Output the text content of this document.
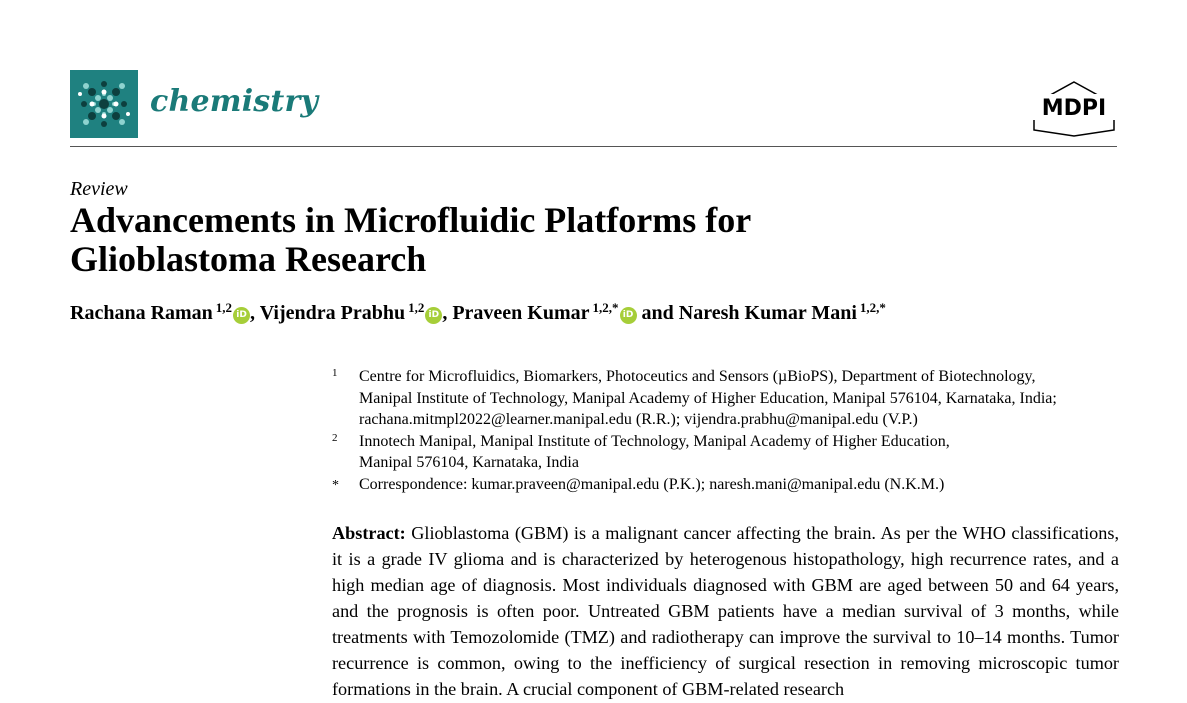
chemistry	MDPI
Review
Advancements in Microfluidic Platforms for
Glioblastoma Research
Rachana Raman $^{1,2}$ iD , Vijendra Prabhu $^{1,2}$ iD , Praveen Kumar $^{1,2,*}$ iD and Naresh Kumar Mani $^{1,2,*}$
1 Centre for Microfluidics, Biomarkers, Photoceutics and Sensors (µBioPS), Department of Biotechnology,
Manipal Institute of Technology, Manipal Academy of Higher Education, Manipal 576104, Karnataka, India;
rachana.mitmpl2022@learner.manipal.edu (R.R.); vijendra.prabhu@manipal.edu (V.P.)
2 Innotech Manipal, Manipal Institute of Technology, Manipal Academy of Higher Education,
Manipal 576104, Karnataka, India
* Correspondence: kumar.praveen@manipal.edu (P.K.); naresh.mani@manipal.edu (N.K.M.)

Abstract: Glioblastoma (GBM) is a malignant cancer affecting the brain. As per the WHO classifications, it is a grade IV glioma and is characterized by heterogenous histopathology, high recurrence rates, and a high median age of diagnosis. Most individuals diagnosed with GBM are aged between 50 and 64 years, and the prognosis is often poor. Untreated GBM patients have a median survival of 3 months, while treatments with Temozolomide (TMZ) and radiotherapy can improve the survival to 10–14 months. Tumor recurrence is common, owing to the inefficiency of surgical resection in removing microscopic tumor formations in the brain. A crucial component of GBM-related research
